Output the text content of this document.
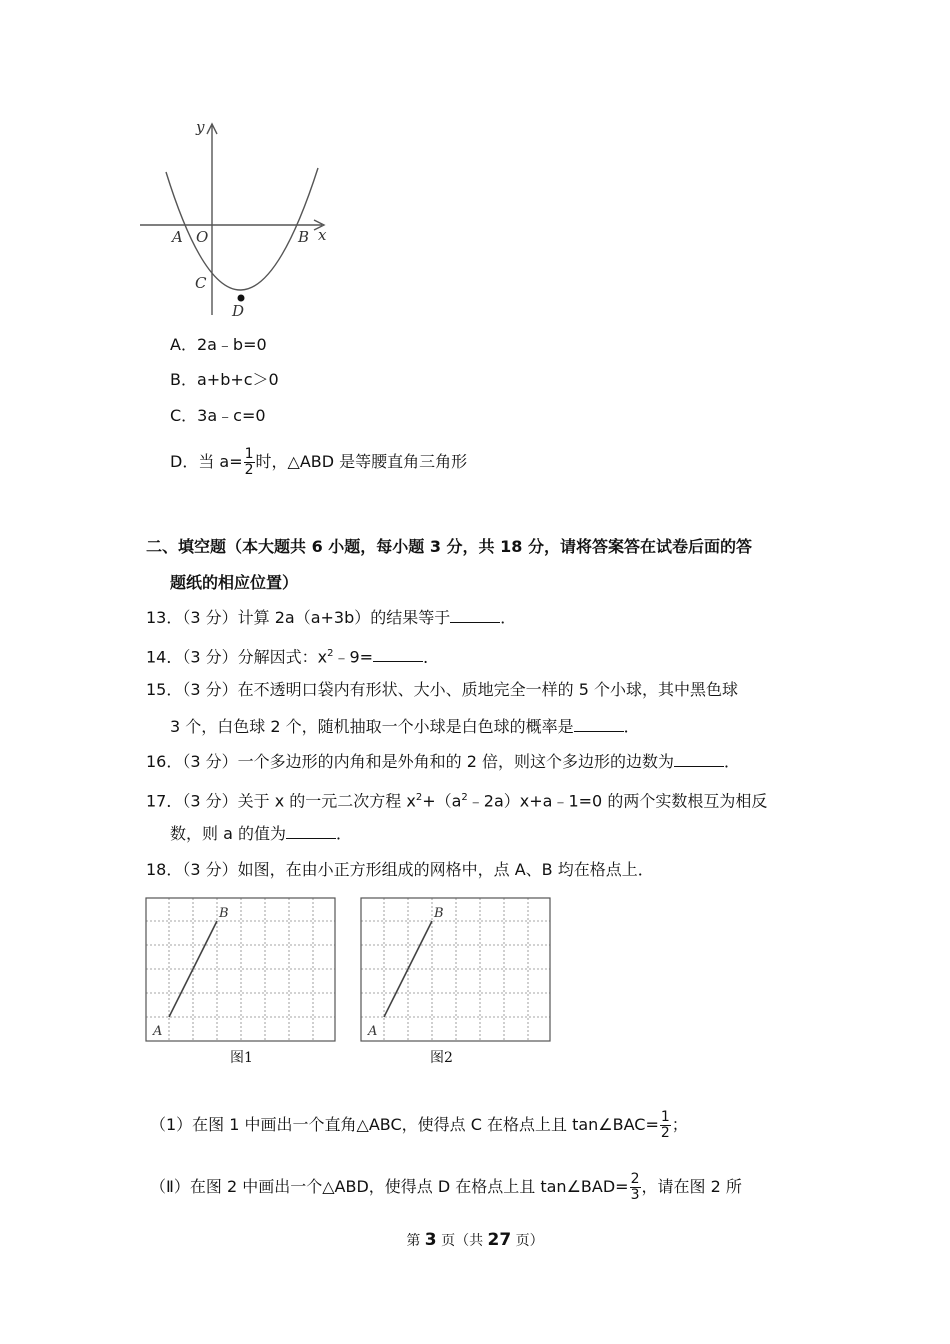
y
x
A O	B
C
D
A．2a﹣b=0
B．a+b+c＞0
C．3a﹣c=0
D．当 $a= \frac{1}{2}$ 时，△ABD 是等腰直角三角形
二、填空题（本大题共 6 小题，每小题 3 分，共 18 分，请将答案答在试卷后面的答
题纸的相应位置）
13．（3 分）计算 2a（a+3b）的结果等于	．
14．（3 分）分解因式：$x^2﹣9=$	．
15．（3 分）在不透明口袋内有形状、大小、质地完全一样的 5 个小球，其中黑色球
3 个，白色球 2 个，随机抽取一个小球是白色球的概率是	．
16．（3 分）一个多边形的内角和是外角和的 2 倍，则这个多边形的边数为	．
17．（3 分）关于 x 的一元二次方程 $x^2+(a^2﹣2a)x+a﹣1=0$ 的两个实数根互为相反
数，则 a 的值为	．
18．（3 分）如图，在由小正方形组成的网格中，点 A、B 均在格点上．
A
B
图1
A
B
图2
（1）在图 1 中画出一个直角△ABC，使得点 C 在格点上且 tan∠BAC= $\frac{1}{2}$ ；
（Ⅱ）在图 2 中画出一个△ABD，使得点 D 在格点上且 tan∠BAD= $\frac{2}{3}$ ，请在图 2 所
第 3 页（共 27 页）
